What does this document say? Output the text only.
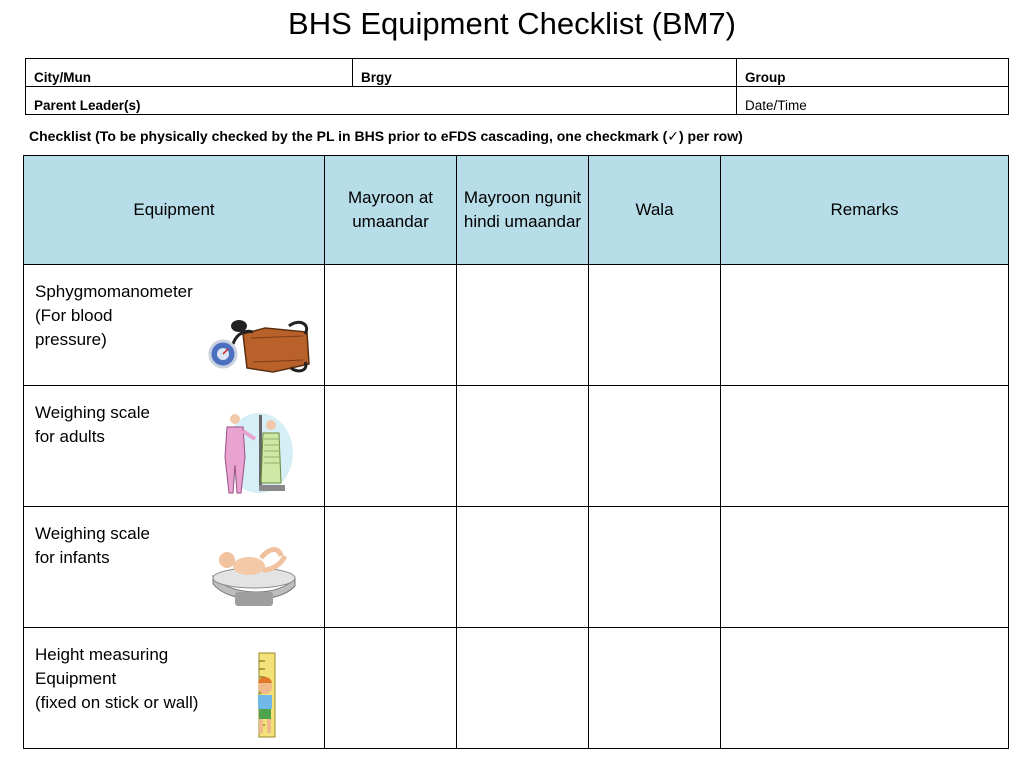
BHS Equipment Checklist (BM7)
City/Mun	Brgy	Group
Parent Leader(s)		Date/Time
Checklist (To be physically checked by the PL in BHS prior to eFDS cascading, one checkmark (✓) per row)
Equipment	Mayroon at umaandar	Mayroon ngunit hindi umaandar	Wala	Remarks

Sphygmomanometer
(For blood
pressure)				

Weighing scale
for adults				

Weighing scale
for infants				

Height measuring
Equipment
(fixed on stick or wall)				
